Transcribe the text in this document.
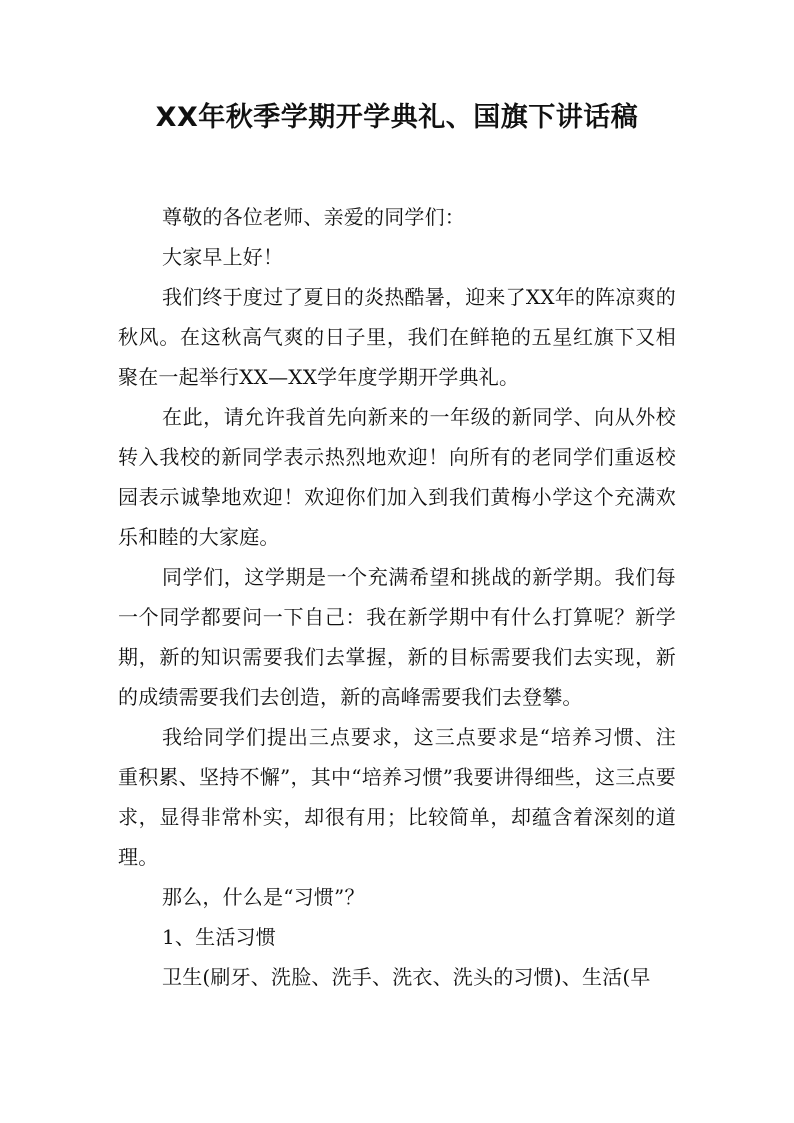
XX年秋季学期开学典礼、国旗下讲话稿

尊敬的各位老师、亲爱的同学们：

大家早上好！

我们终于度过了夏日的炎热酷暑，迎来了XX年的阵凉爽的秋风。在这秋高气爽的日子里，我们在鲜艳的五星红旗下又相聚在一起举行XX—XX学年度学期开学典礼。

在此，请允许我首先向新来的一年级的新同学、向从外校转入我校的新同学表示热烈地欢迎！向所有的老同学们重返校园表示诚挚地欢迎！欢迎你们加入到我们黄梅小学这个充满欢乐和睦的大家庭。

同学们，这学期是一个充满希望和挑战的新学期。我们每一个同学都要问一下自己：我在新学期中有什么打算呢？新学期，新的知识需要我们去掌握，新的目标需要我们去实现，新的成绩需要我们去创造，新的高峰需要我们去登攀。

我给同学们提出三点要求，这三点要求是“培养习惯、注重积累、坚持不懈”，其中“培养习惯”我要讲得细些，这三点要求，显得非常朴实，却很有用；比较简单，却蕴含着深刻的道理。

那么，什么是“习惯”？

1、生活习惯

卫生(刷牙、洗脸、洗手、洗衣、洗头的习惯)、生活(早
